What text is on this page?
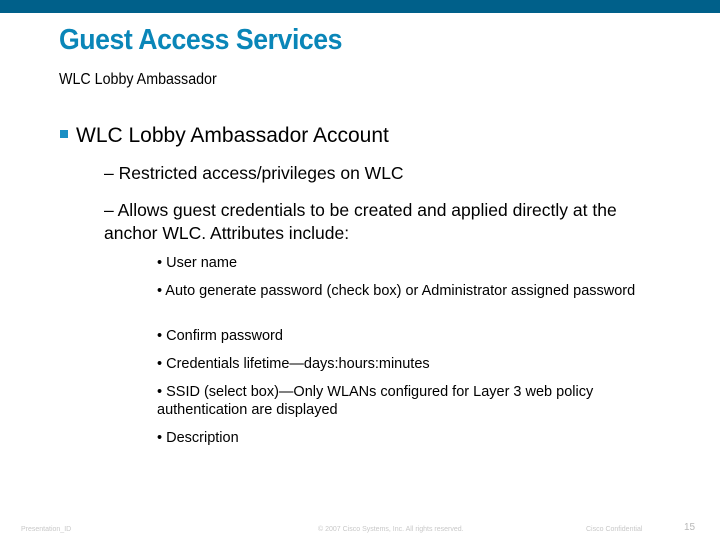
Guest Access Services
WLC Lobby Ambassador
WLC Lobby Ambassador Account
– Restricted access/privileges on WLC
– Allows guest credentials to be created and applied directly at the anchor WLC. Attributes include:
• User name
• Auto generate password (check box) or Administrator assigned password
• Confirm password
• Credentials lifetime—days:hours:minutes
• SSID (select box)—Only WLANs configured for Layer 3 web policy authentication are displayed
• Description
Presentation_ID	© 2007 Cisco Systems, Inc. All rights reserved.	Cisco Confidential	15
